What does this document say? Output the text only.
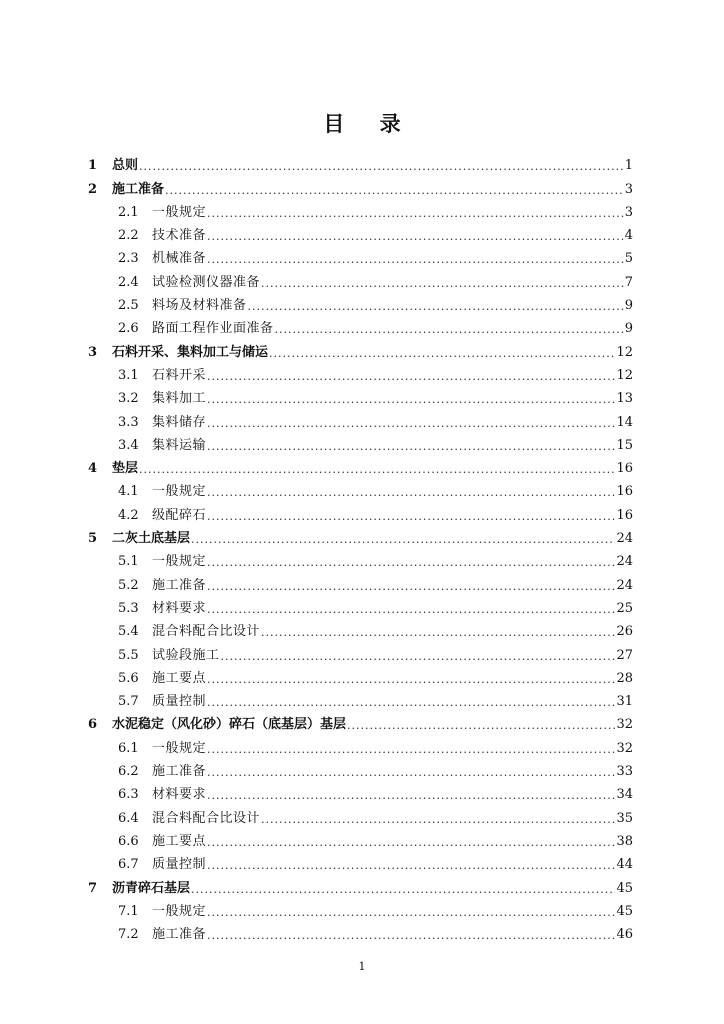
目 录
1	总则 .....	1
2	施工准备 .....	3
2.1	一般规定 .....	3
2.2	技术准备 .....	4
2.3	机械准备 .....	5
2.4	试验检测仪器准备 .....	7
2.5	料场及材料准备 .....	9
2.6	路面工程作业面准备 .....	9
3	石料开采、集料加工与储运 .....	12
3.1	石料开采 .....	12
3.2	集料加工 .....	13
3.3	集料储存 .....	14
3.4	集料运输 .....	15
4	垫层 .....	16
4.1	一般规定 .....	16
4.2	级配碎石 .....	16
5	二灰土底基层 .....	24
5.1	一般规定 .....	24
5.2	施工准备 .....	24
5.3	材料要求 .....	25
5.4	混合料配合比设计 .....	26
5.5	试验段施工 .....	27
5.6	施工要点 .....	28
5.7	质量控制 .....	31
6	水泥稳定（风化砂）碎石（底基层）基层 .....	32
6.1	一般规定 .....	32
6.2	施工准备 .....	33
6.3	材料要求 .....	34
6.4	混合料配合比设计 .....	35
6.6	施工要点 .....	38
6.7	质量控制 .....	44
7	沥青碎石基层 .....	45
7.1	一般规定 .....	45
7.2	施工准备 .....	46
1
